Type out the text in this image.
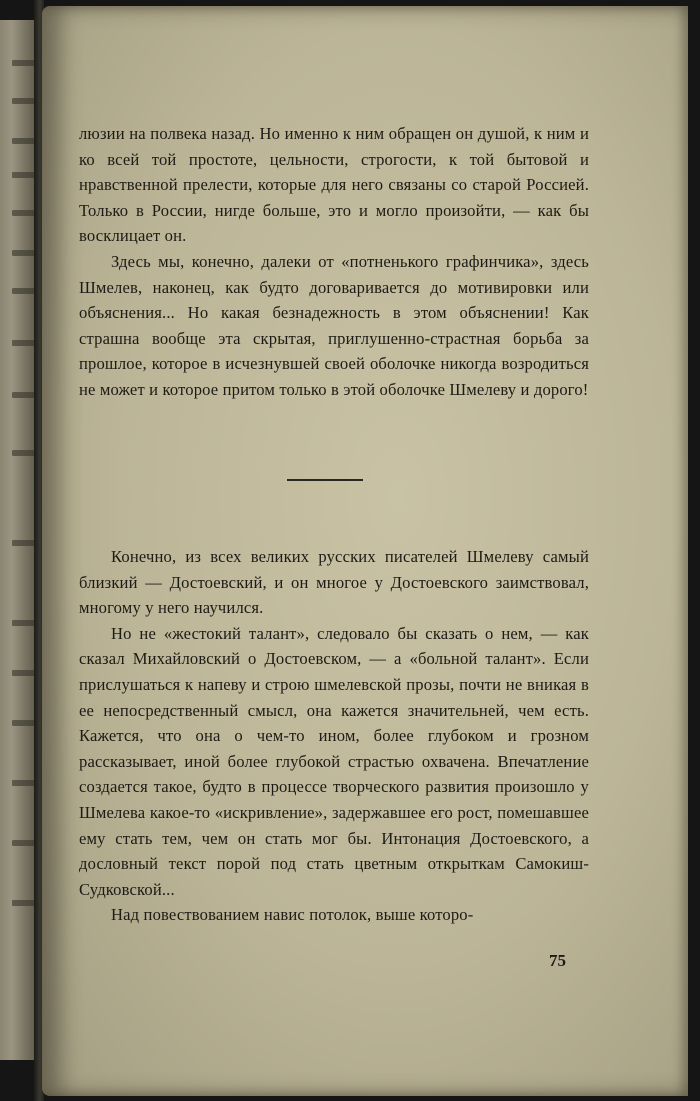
люзии на полвека назад. Но именно к ним обращен он душой, к ним и ко всей той простоте, цельности, строгости, к той бытовой и нравственной прелести, которые для него связаны со старой Россией. Только в России, нигде больше, это и могло произойти, — как бы восклицает он.

Здесь мы, конечно, далеки от «потненького графинчика», здесь Шмелев, наконец, как будто договаривается до мотивировки или объяснения... Но какая безнадежность в этом объяснении! Как страшна вообще эта скрытая, приглушенно-страстная борьба за прошлое, которое в исчезнувшей своей оболочке никогда возродиться не может и которое притом только в этой оболочке Шмелеву и дорого!

Конечно, из всех великих русских писателей Шмелеву самый близкий — Достоевский, и он многое у Достоевского заимствовал, многому у него научился.

Но не «жестокий талант», следовало бы сказать о нем, — как сказал Михайловский о Достоевском, — а «больной талант». Если прислушаться к напеву и строю шмелевской прозы, почти не вникая в ее непосредственный смысл, она кажется значительней, чем есть. Кажется, что она о чем-то ином, более глубоком и грозном рассказывает, иной более глубокой страстью охвачена. Впечатление создается такое, будто в процессе творческого развития произошло у Шмелева какое-то «искривление», задержавшее его рост, помешавшее ему стать тем, чем он стать мог бы. Интонация Достоевского, а дословный текст порой под стать цветным открыткам Самокиш-Судковской...

Над повествованием навис потолок, выше которо-

75
